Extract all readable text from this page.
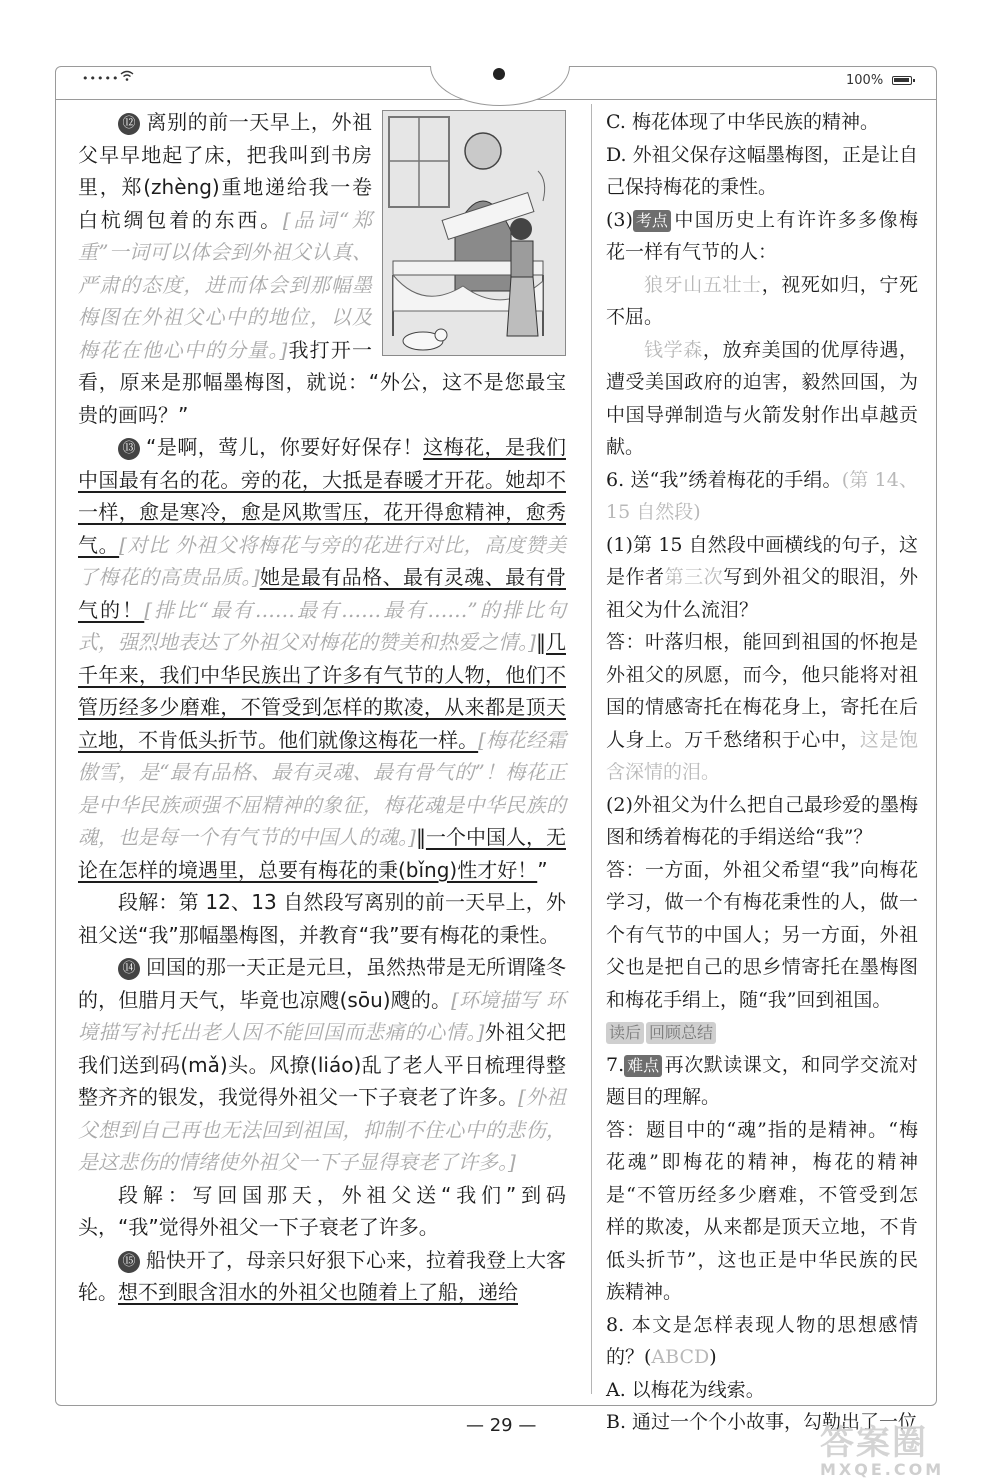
•••••	100%

⑫ 离别的前一天早上，外祖父早早地起了床，把我叫到书房里，郑(zhèng)重地递给我一卷白杭绸包着的东西。[品词“郑重”一词可以体会到外祖父认真、严肃的态度，进而体会到那幅墨梅图在外祖父心中的地位，以及梅花在他心中的分量。]我打开一看，原来是那幅墨梅图，就说：“外公，这不是您最宝贵的画吗？”

⑬ “是啊，莺儿，你要好好保存！这梅花，是我们中国最有名的花。旁的花，大抵是春暖才开花。她却不一样，愈是寒冷，愈是风欺雪压，花开得愈精神，愈秀气。[对比 外祖父将梅花与旁的花进行对比，高度赞美了梅花的高贵品质。]她是最有品格、最有灵魂、最有骨气的！[排比“最有……最有……最有……”的排比句式，强烈地表达了外祖父对梅花的赞美和热爱之情。]‖几千年来，我们中华民族出了许多有气节的人物，他们不管历经多少磨难，不管受到怎样的欺凌，从来都是顶天立地，不肯低头折节。他们就像这梅花一样。[梅花经霜傲雪，是“最有品格、最有灵魂、最有骨气的”！梅花正是中华民族顽强不屈精神的象征，梅花魂是中华民族的魂，也是每一个有气节的中国人的魂。]‖一个中国人，无论在怎样的境遇里，总要有梅花的秉(bǐng)性才好！”

段解：第 12、13 自然段写离别的前一天早上，外祖父送“我”那幅墨梅图，并教育“我”要有梅花的秉性。

⑭ 回国的那一天正是元旦，虽然热带是无所谓隆冬的，但腊月天气，毕竟也凉飕(sōu)飕的。[环境描写 环境描写衬托出老人因不能回国而悲痛的心情。]外祖父把我们送到码(mǎ)头。风撩(liáo)乱了老人平日梳理得整整齐齐的银发，我觉得外祖父一下子衰老了许多。[外祖父想到自己再也无法回到祖国，抑制不住心中的悲伤，是这悲伤的情绪使外祖父一下子显得衰老了许多。]

段解：写回国那天，外祖父送“我们”到码头，“我”觉得外祖父一下子衰老了许多。

⑮ 船快开了，母亲只好狠下心来，拉着我登上大客轮。想不到眼含泪水的外祖父也随着上了船，递给

C. 梅花体现了中华民族的精神。

D. 外祖父保存这幅墨梅图，正是让自己保持梅花的秉性。

(3) 考点 中国历史上有许许多多像梅花一样有气节的人：

狼牙山五壮士，视死如归，宁死不屈。

钱学森，放弃美国的优厚待遇，遭受美国政府的迫害，毅然回国，为中国导弹制造与火箭发射作出卓越贡献。

6. 送“我”绣着梅花的手绢。(第 14、15 自然段)

(1)第 15 自然段中画横线的句子，这是作者第三次写到外祖父的眼泪，外祖父为什么流泪？

答：叶落归根，能回到祖国的怀抱是外祖父的夙愿，而今，他只能将对祖国的情感寄托在梅花身上，寄托在后人身上。万千愁绪积于心中，这是饱含深情的泪。

(2)外祖父为什么把自己最珍爱的墨梅图和绣着梅花的手绢送给“我”？

答：一方面，外祖父希望“我”向梅花学习，做一个有梅花秉性的人，做一个有气节的中国人；另一方面，外祖父也是把自己的思乡情寄托在墨梅图和梅花手绢上，随“我”回到祖国。

读后 回顾总结

7. 难点 再次默读课文，和同学交流对题目的理解。

答：题目中的“魂”指的是精神。“梅花魂”即梅花的精神，梅花的精神是“不管历经多少磨难，不管受到怎样的欺凌，从来都是顶天立地，不肯低头折节”，这也正是中华民族的民族精神。

8. 本文是怎样表现人物的思想感情的？(ABCD)

A. 以梅花为线索。

B. 通过一个个小故事，勾勒出了一位

— 29 —	答案圈
MXQE.COM
